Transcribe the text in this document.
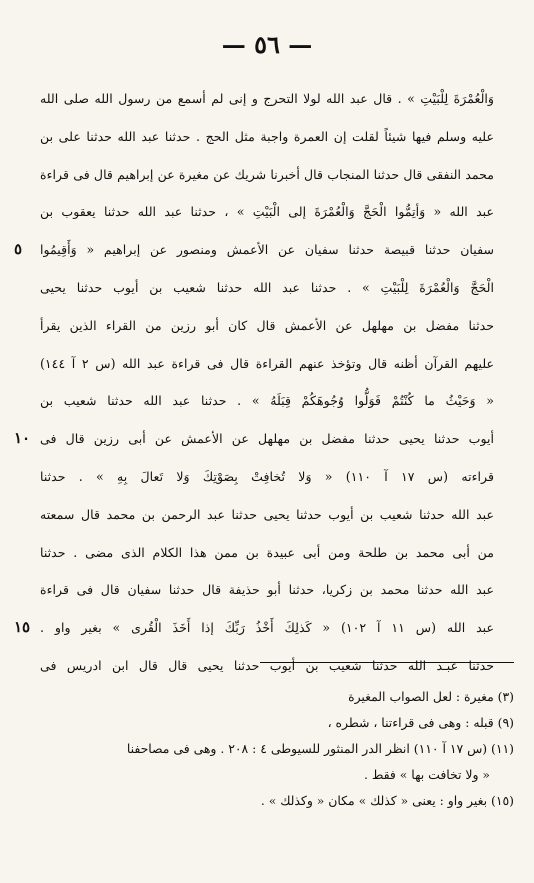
— ٥٦ —
وَالْعُمْرَةَ لِلْبَيْتِ » . قال عبد الله لولا التحرج و إنى لم أسمع من رسول الله صلى الله
عليه وسلم فيها شيئاً لقلت إن العمرة واجبة مثل الحج . حدثنا عبد الله حدثنا على بن
محمد النفقى قال حدثنا المنجاب قال أخبرنا شريك عن مغيرة عن إبراهيم قال فى قراءة
عبد الله « وَأتِمُّوا الْحَجَّ وَالْعُمْرَةَ إلى الْبَيْتِ » ، حدثنا عبد الله حدثنا يعقوب بن
٥	سفيان حدثنا قبيصة حدثنا سفيان عن الأعمش ومنصور عن إبراهيم « وَأَقِيمُوا
الْحَجَّ وَالْعُمْرَةَ لِلْبَيْتِ » . حدثنا عبد الله حدثنا شعيب بن أيوب حدثنا يحيى
حدثنا مفضل بن مهلهل عن الأعمش قال كان أبو رزين من القراء الذين يقرأ
عليهم القرآن أظنه قال وتؤخذ عنهم القراءة قال فى قراءة عبد الله (س ٢ آ ١٤٤)
« وَحَيْثُ ما كُنْتُمْ فَوَلُّوا وُجُوهَكُمْ قِبَلَهُ » . حدثنا عبد الله حدثنا شعيب بن
١٠ أيوب حدثنا يحيى حدثنا مفضل بن مهلهل عن الأعمش عن أبى رزين قال فى
قراءته (س ١٧ آ ١١٠) « وَلا تُخافِتْ بِصَوْتِكَ وَلا تَعالَ بِهِ » . حدثنا
عبد الله حدثنا شعيب بن أيوب حدثنا يحيى حدثنا عبد الرحمن بن محمد قال سمعته
من أبى محمد بن طلحة ومن أبى عبيدة بن ممن هذا الكلام الذى مضى . حدثنا
عبد الله حدثنا محمد بن زكريا، حدثنا أبو حذيفة قال حدثنا سفيان قال فى قراءة
١٥ عبد الله (س ١١ آ ١٠٢) « كَذلِكَ أَخْذُ رَبِّكَ إذا أَخَذَ الْقُرى » بغير واو .
حدثنا عبـد الله حدثنا شعيب بن أيوب حدثنا يحيى قال قال ابن ادريس فى
(٣) مغيرة : لعل الصواب المغيرة
(٩) قبله : وهى فى قراءتنا ، شطره ،
(١١) (س ١٧ آ ١١٠) انظر الدر المنثور للسيوطى ٤ : ٢٠٨ . وهى فى مصاحفنا
« ولا تخافت بها » فقط .
(١٥) بغير واو : يعنى « كذلك » مكان « وكذلك » .
